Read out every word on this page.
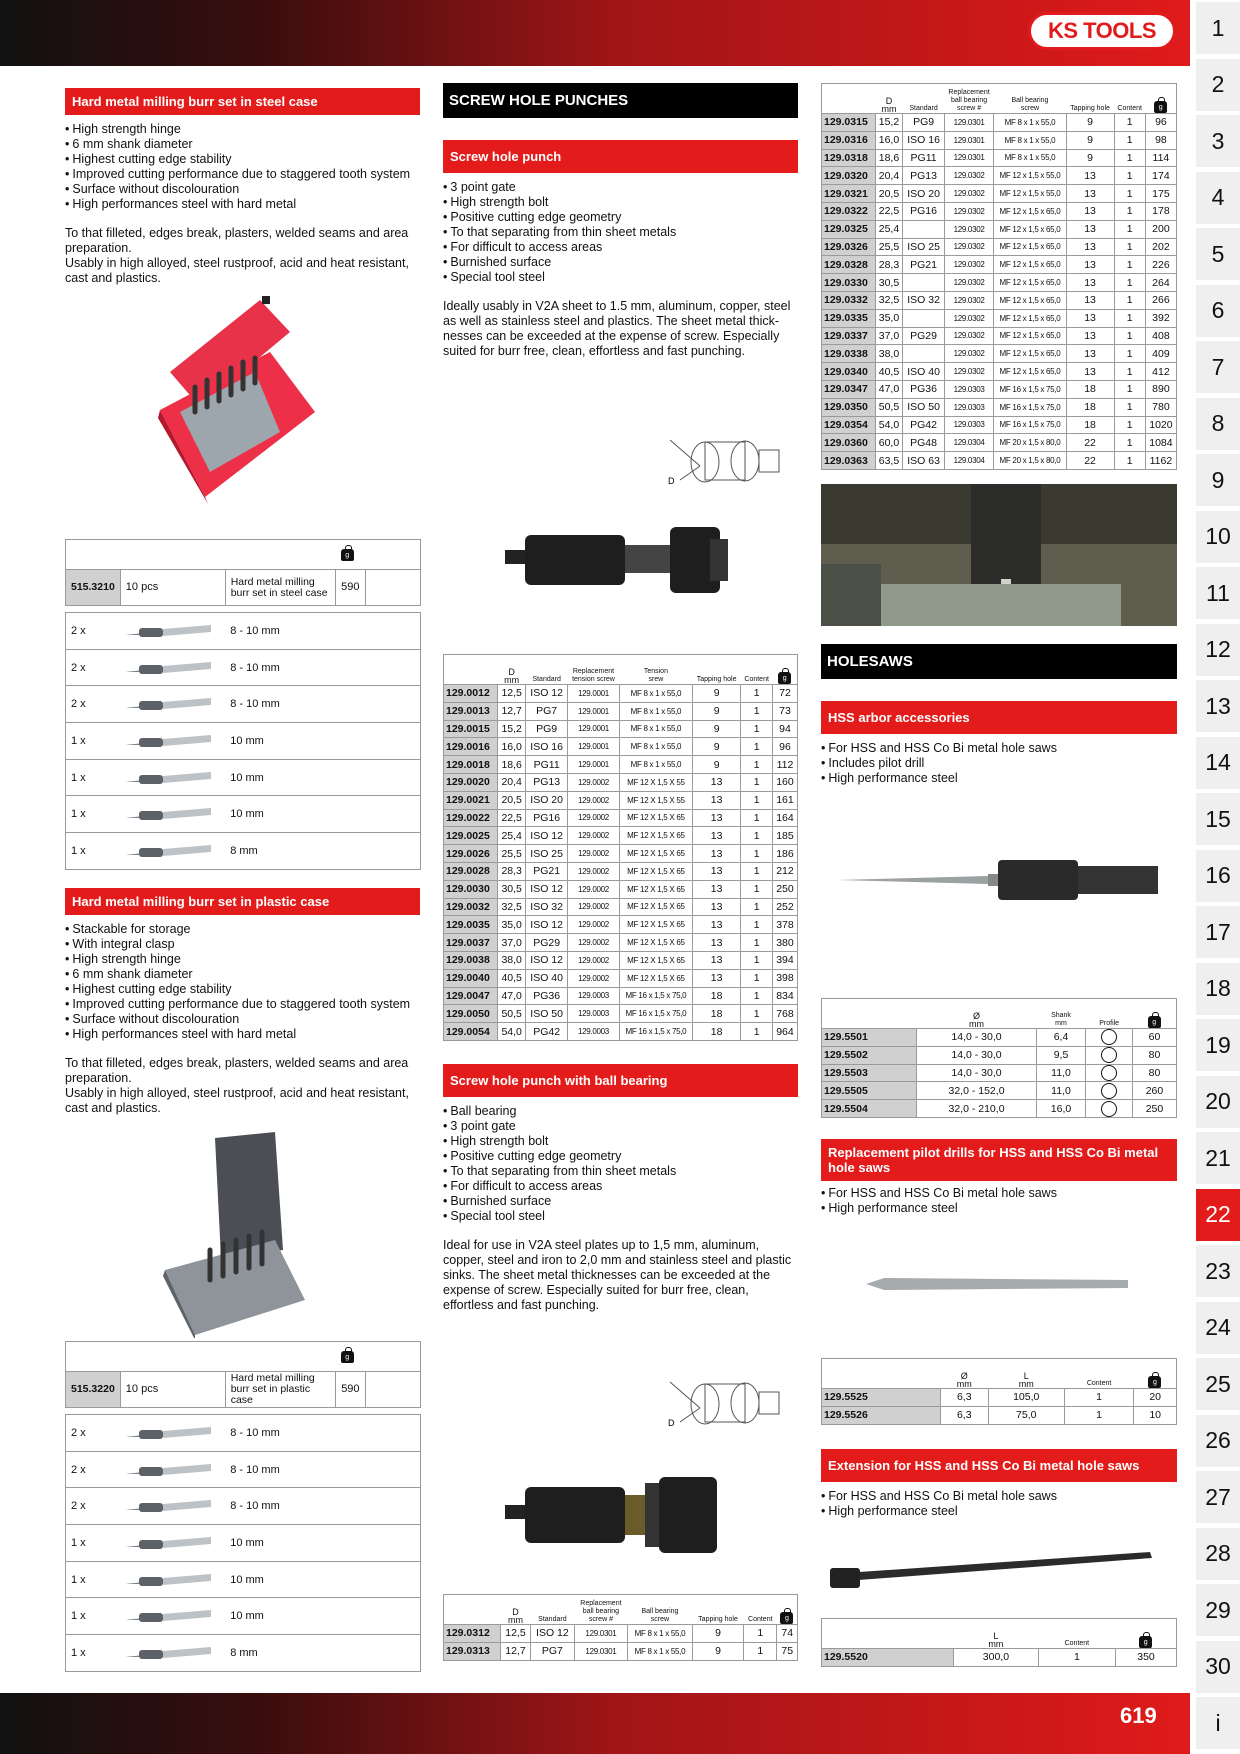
KS TOOLS	1
2
3
4
5
6
7
8
9
10
11
12
13
14
15
16
17
18
19
20
21
22
23
24
25
26
27
28
29
30
i
Hard metal milling burr set in steel case
• High strength hinge
• 6 mm shank diameter
• Highest cutting edge stability
• Improved cutting performance due to staggered tooth system
• Surface without discolouration
• High performances steel with hard metal

To that filleted, edges break, plasters, welded seams and area preparation.

Usably in high alloyed, steel rustproof, acid and heat resistant, cast and plastics.

			g	
515.3210	10 pcs	Hard metal milling burr set in steel case	590	

2 x		8 - 10 mm		
2 x		8 - 10 mm		
2 x		8 - 10 mm		
1 x		10 mm		
1 x		10 mm		
1 x		10 mm		
1 x		8 mm		
Hard metal milling burr set in plastic case
• Stackable for storage
• With integral clasp
• High strength hinge
• 6 mm shank diameter
• Highest cutting edge stability
• Improved cutting performance due to staggered tooth system
• Surface without discolouration
• High performances steel with hard metal

To that filleted, edges break, plasters, welded seams and area preparation.

Usably in high alloyed, steel rustproof, acid and heat resistant, cast and plastics.

			g	
515.3220	10 pcs	Hard metal milling burr set in plastic case	590	

2 x		8 - 10 mm		
2 x		8 - 10 mm		
2 x		8 - 10 mm		
1 x		10 mm		
1 x		10 mm		
1 x		10 mm		
1 x		8 mm		
SCREW HOLE PUNCHES
Screw hole punch
• 3 point gate
• High strength bolt
• Positive cutting edge geometry
• To that separating from thin sheet metals
• For difficult to access areas
• Burnished surface
• Special tool steel

Ideally usably in V2A sheet to 1.5 mm, aluminum, copper, steel as well as stainless steel and plastics. The sheet metal thick-nesses can be exceeded at the expense of screw. Especially suited for burr free, clean, effortless and fast punching.

D
	D
mm	Standard	Replacement
tension screw	Tension
srew	Tapping hole	Content	g
129.0012	12,5	ISO 12	129.0001	MF 8 x 1 x 55,0	9	1	72
129.0013	12,7	PG7	129.0001	MF 8 x 1 x 55,0	9	1	73
129.0015	15,2	PG9	129.0001	MF 8 x 1 x 55,0	9	1	94
129.0016	16,0	ISO 16	129.0001	MF 8 x 1 x 55,0	9	1	96
129.0018	18,6	PG11	129.0001	MF 8 x 1 x 55,0	9	1	112
129.0020	20,4	PG13	129.0002	MF 12 X 1,5 X 55	13	1	160
129.0021	20,5	ISO 20	129.0002	MF 12 X 1,5 X 55	13	1	161
129.0022	22,5	PG16	129.0002	MF 12 X 1,5 X 65	13	1	164
129.0025	25,4	ISO 12	129.0002	MF 12 X 1,5 X 65	13	1	185
129.0026	25,5	ISO 25	129.0002	MF 12 X 1,5 X 65	13	1	186
129.0028	28,3	PG21	129.0002	MF 12 X 1,5 X 65	13	1	212
129.0030	30,5	ISO 12	129.0002	MF 12 X 1,5 X 65	13	1	250
129.0032	32,5	ISO 32	129.0002	MF 12 X 1,5 X 65	13	1	252
129.0035	35,0	ISO 12	129.0002	MF 12 X 1,5 X 65	13	1	378
129.0037	37,0	PG29	129.0002	MF 12 X 1,5 X 65	13	1	380
129.0038	38,0	ISO 12	129.0002	MF 12 X 1,5 X 65	13	1	394
129.0040	40,5	ISO 40	129.0002	MF 12 X 1,5 X 65	13	1	398
129.0047	47,0	PG36	129.0003	MF 16 x 1,5 x 75,0	18	1	834
129.0050	50,5	ISO 50	129.0003	MF 16 x 1,5 x 75,0	18	1	768
129.0054	54,0	PG42	129.0003	MF 16 x 1,5 x 75,0	18	1	964
Screw hole punch with ball bearing
• Ball bearing
• 3 point gate
• High strength bolt
• Positive cutting edge geometry
• To that separating from thin sheet metals
• For difficult to access areas
• Burnished surface
• Special tool steel

Ideal for use in V2A steel plates up to 1,5 mm, aluminum, copper, steel and iron to 2,0 mm and stainless steel and plastic sinks. The sheet metal thicknesses can be exceeded at the expense of screw. Especially suited for burr free, clean, effortless and fast punching.

D
	D
mm	Standard	Replacement
ball bearing
screw #	Ball bearing
screw	Tapping hole	Content	g
129.0312	12,5	ISO 12	129.0301	MF 8 x 1 x 55,0	9	1	74
129.0313	12,7	PG7	129.0301	MF 8 x 1 x 55,0	9	1	75
	D
mm	Standard	Replacement
ball bearing
screw #	Ball bearing
screw	Tapping hole	Content	g
129.0315	15,2	PG9	129.0301	MF 8 x 1 x 55,0	9	1	96
129.0316	16,0	ISO 16	129.0301	MF 8 x 1 x 55,0	9	1	98
129.0318	18,6	PG11	129.0301	MF 8 x 1 x 55,0	9	1	114
129.0320	20,4	PG13	129.0302	MF 12 x 1,5 x 55,0	13	1	174
129.0321	20,5	ISO 20	129.0302	MF 12 x 1,5 x 55,0	13	1	175
129.0322	22,5	PG16	129.0302	MF 12 x 1,5 x 65,0	13	1	178
129.0325	25,4		129.0302	MF 12 x 1,5 x 65,0	13	1	200
129.0326	25,5	ISO 25	129.0302	MF 12 x 1,5 x 65,0	13	1	202
129.0328	28,3	PG21	129.0302	MF 12 x 1,5 x 65,0	13	1	226
129.0330	30,5		129.0302	MF 12 x 1,5 x 65,0	13	1	264
129.0332	32,5	ISO 32	129.0302	MF 12 x 1,5 x 65,0	13	1	266
129.0335	35,0		129.0302	MF 12 x 1,5 x 65,0	13	1	392
129.0337	37,0	PG29	129.0302	MF 12 x 1,5 x 65,0	13	1	408
129.0338	38,0		129.0302	MF 12 x 1,5 x 65,0	13	1	409
129.0340	40,5	ISO 40	129.0302	MF 12 x 1,5 x 65,0	13	1	412
129.0347	47,0	PG36	129.0303	MF 16 x 1,5 x 75,0	18	1	890
129.0350	50,5	ISO 50	129.0303	MF 16 x 1,5 x 75,0	18	1	780
129.0354	54,0	PG42	129.0303	MF 16 x 1,5 x 75,0	18	1	1020
129.0360	60,0	PG48	129.0304	MF 20 x 1,5 x 80,0	22	1	1084
129.0363	63,5	ISO 63	129.0304	MF 20 x 1,5 x 80,0	22	1	1162
HOLESAWS
HSS arbor accessories
• For HSS and HSS Co Bi metal hole saws
• Includes pilot drill
• High performance steel
	Ø
mm	Shank
mm	Profile	g
129.5501	14,0 - 30,0	6,4		60
129.5502	14,0 - 30,0	9,5		80
129.5503	14,0 - 30,0	11,0		80
129.5505	32,0 - 152,0	11,0		260
129.5504	32,0 - 210,0	16,0		250
Replacement pilot drills for HSS and HSS Co Bi metal hole saws
• For HSS and HSS Co Bi metal hole saws
• High performance steel
	Ø
mm	L
mm	Content	g
129.5525	6,3	105,0	1	20
129.5526	6,3	75,0	1	10
Extension for HSS and HSS Co Bi metal hole saws
• For HSS and HSS Co Bi metal hole saws
• High performance steel
	L
mm	Content	g
129.5520	300,0	1	350
619
